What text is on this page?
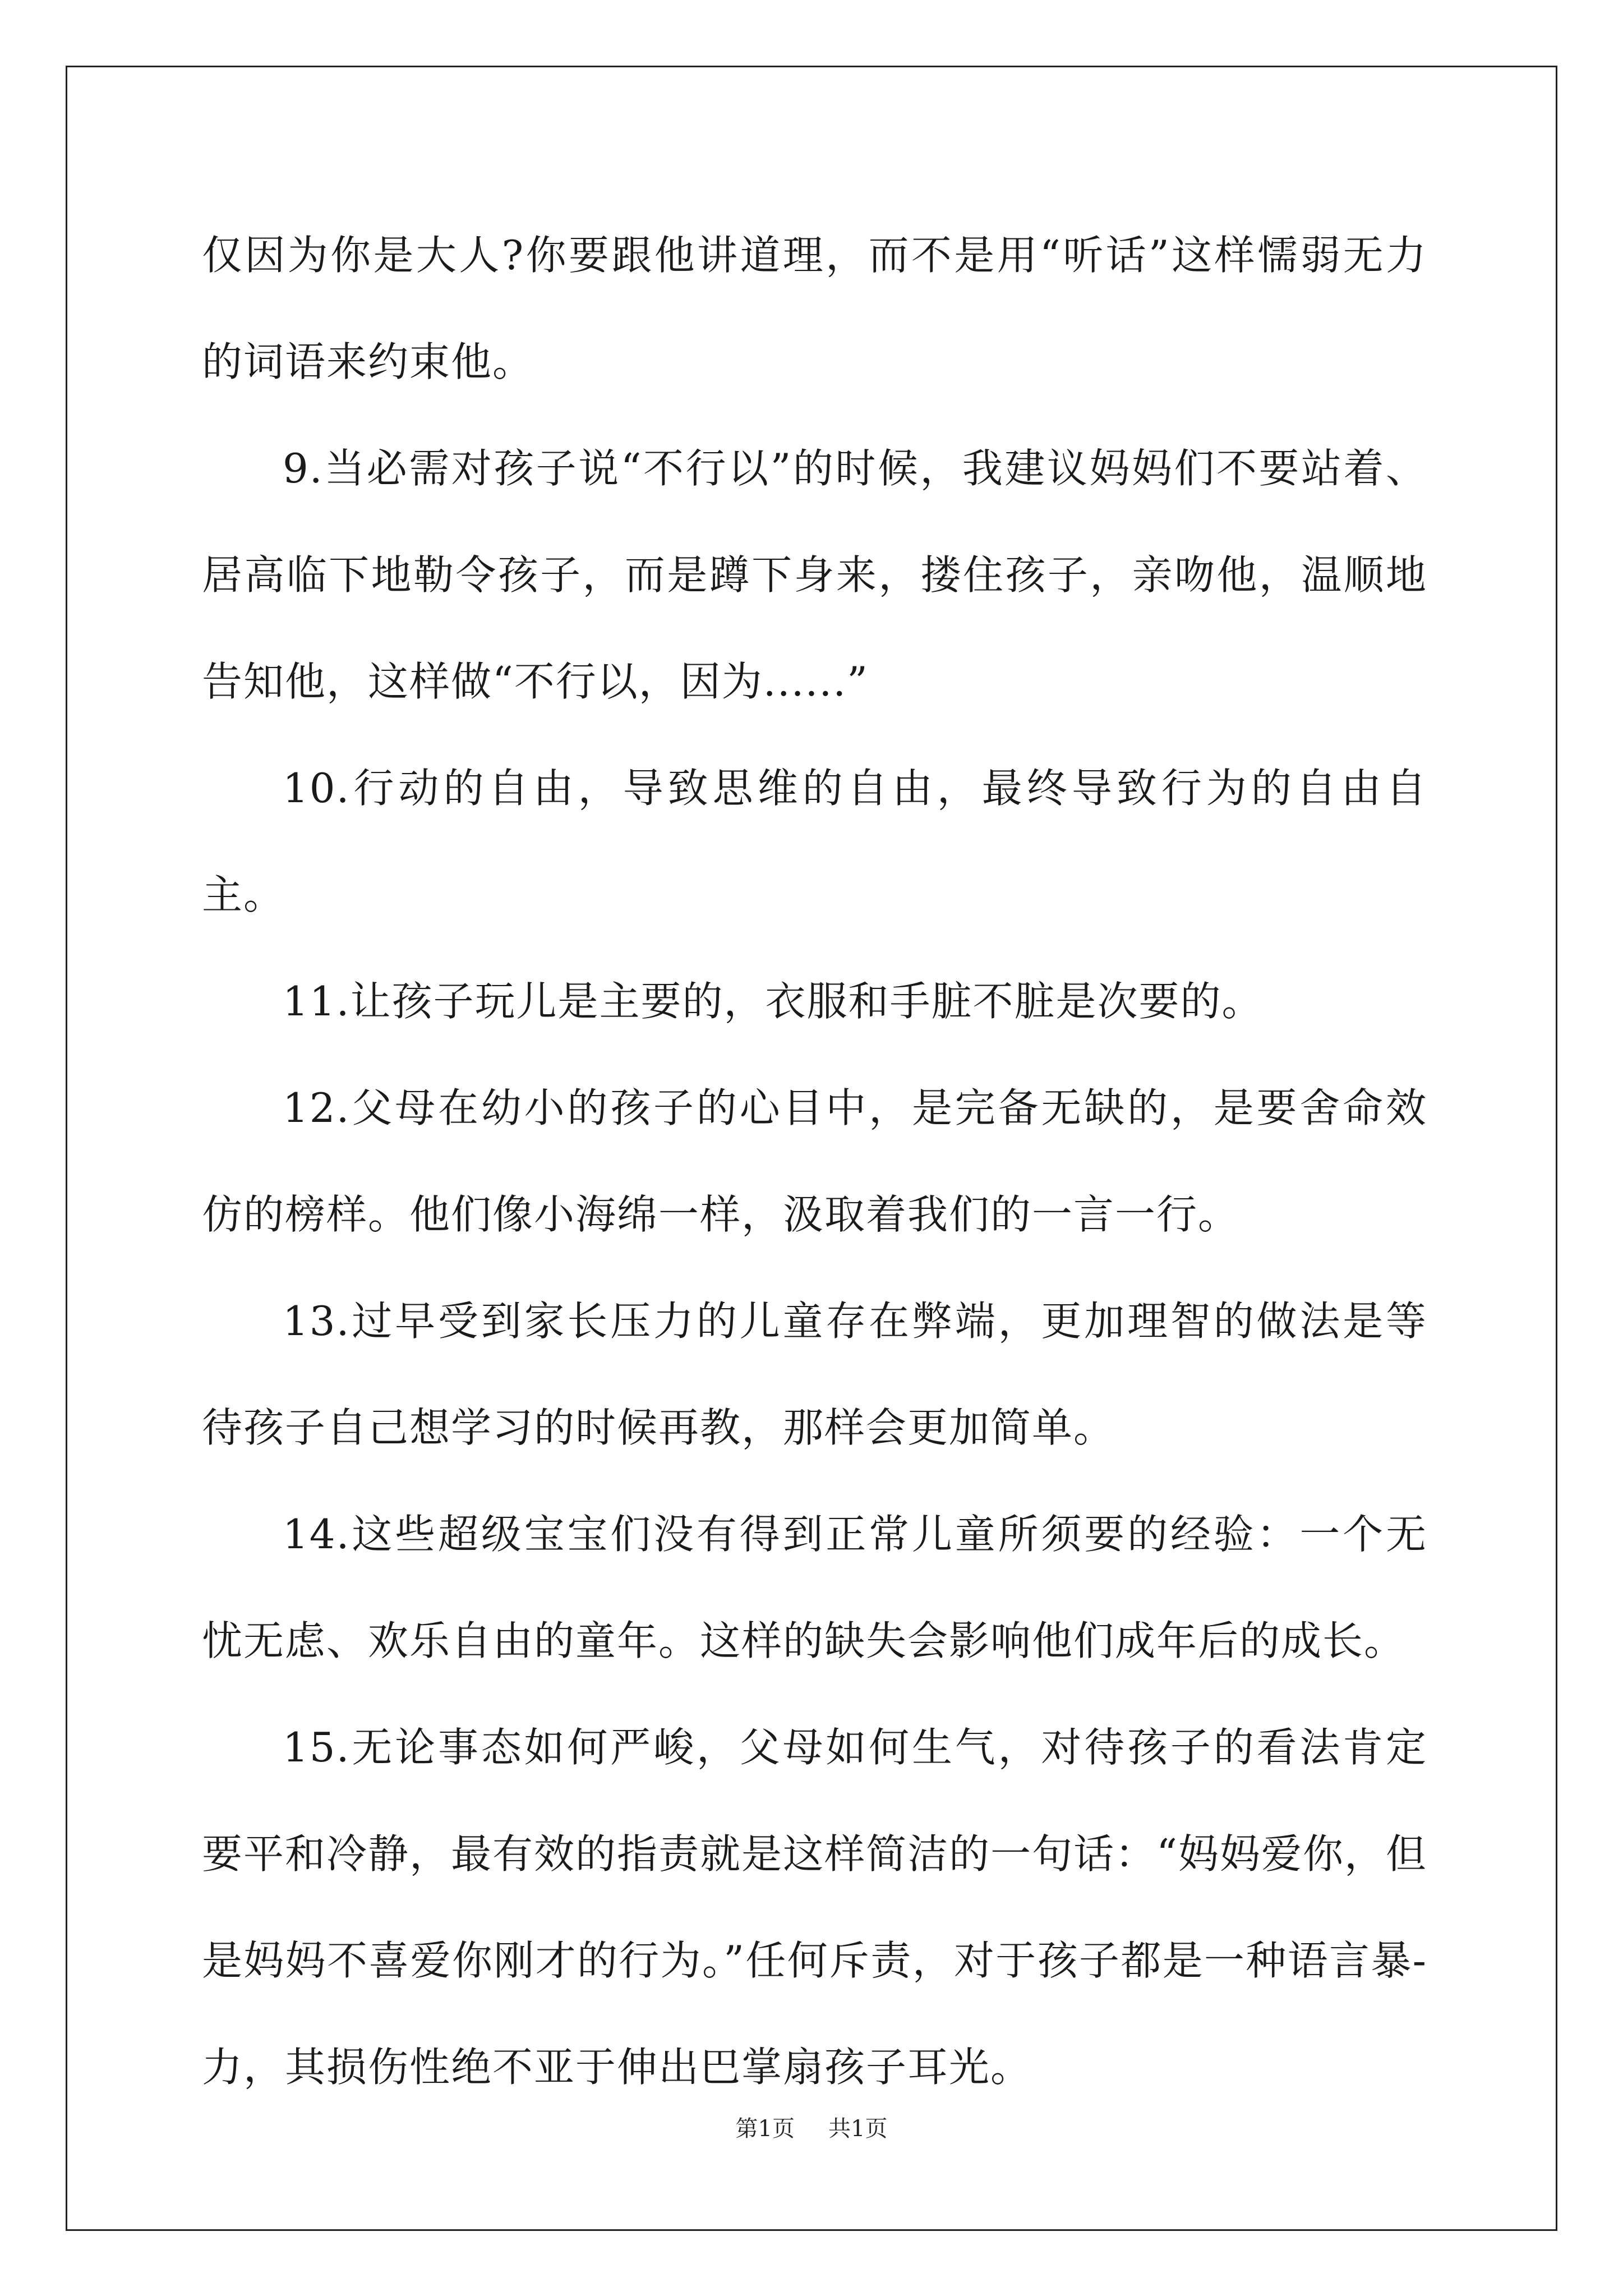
仅因为你是大人?你要跟他讲道理，而不是用“听话”这样懦弱无力的词语来约束他。

9.当必需对孩子说“不行以”的时候，我建议妈妈们不要站着、居高临下地勒令孩子，而是蹲下身来，搂住孩子，亲吻他，温顺地告知他，这样做“不行以，因为......”

10.行动的自由，导致思维的自由，最终导致行为的自由自主。

11.让孩子玩儿是主要的，衣服和手脏不脏是次要的。

12.父母在幼小的孩子的心目中，是完备无缺的，是要舍命效仿的榜样。他们像小海绵一样，汲取着我们的一言一行。

13.过早受到家长压力的儿童存在弊端，更加理智的做法是等待孩子自己想学习的时候再教，那样会更加简单。

14.这些超级宝宝们没有得到正常儿童所须要的经验：一个无忧无虑、欢乐自由的童年。这样的缺失会影响他们成年后的成长。

15.无论事态如何严峻，父母如何生气，对待孩子的看法肯定要平和冷静，最有效的指责就是这样简洁的一句话：“妈妈爱你，但是妈妈不喜爱你刚才的行为。”任何斥责，对于孩子都是一种语言暴-力，其损伤性绝不亚于伸出巴掌扇孩子耳光。

第1页 共1页
